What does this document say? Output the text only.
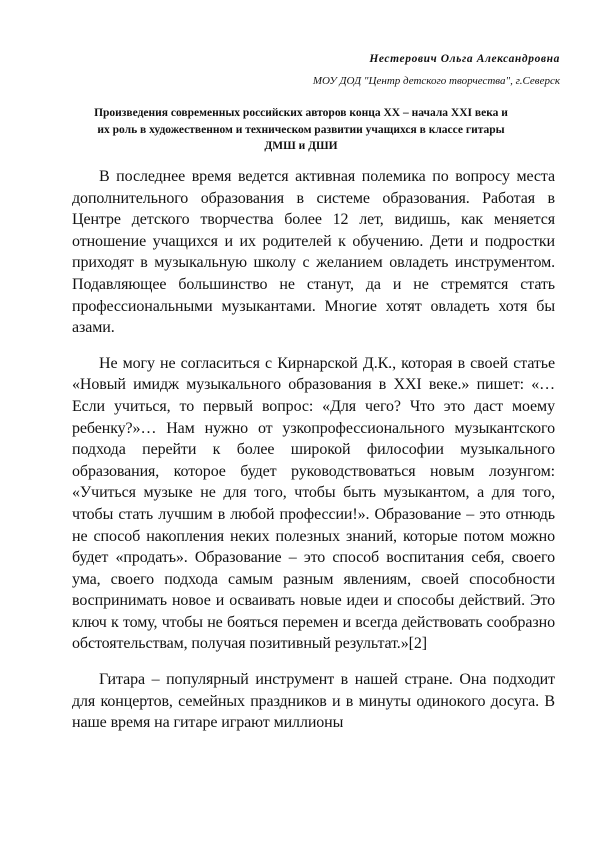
Нестерович Ольга Александровна
МОУ ДОД "Центр детского творчества", г.Северск
Произведения современных российских авторов конца XX – начала XXI века и их роль в художественном и техническом развитии учащихся в классе гитары ДМШ и ДШИ

В последнее время ведется активная полемика по вопросу места дополнительного образования в системе образования. Работая в Центре детского творчества более 12 лет, видишь, как меняется отношение учащихся и их родителей к обучению. Дети и подростки приходят в музыкальную школу с желанием овладеть инструментом. Подавляющее большинство не станут, да и не стремятся стать профессиональными музыкантами. Многие хотят овладеть хотя бы азами.

Не могу не согласиться с Кирнарской Д.К., которая в своей статье «Новый имидж музыкального образования в XXI веке.» пишет: «…Если учиться, то первый вопрос: «Для чего? Что это даст моему ребенку?»… Нам нужно от узкопрофессионального музыкантского подхода перейти к более широкой философии музыкального образования, которое будет руководствоваться новым лозунгом: «Учиться музыке не для того, чтобы быть музыкантом, а для того, чтобы стать лучшим в любой профессии!». Образование – это отнюдь не способ накопления неких полезных знаний, которые потом можно будет «продать». Образование – это способ воспитания себя, своего ума, своего подхода самым разным явлениям, своей способности воспринимать новое и осваивать новые идеи и способы действий. Это ключ к тому, чтобы не бояться перемен и всегда действовать сообразно обстоятельствам, получая позитивный результат.»[2]

Гитара – популярный инструмент в нашей стране. Она подходит для концертов, семейных праздников и в минуты одинокого досуга. В наше время на гитаре играют миллионы
